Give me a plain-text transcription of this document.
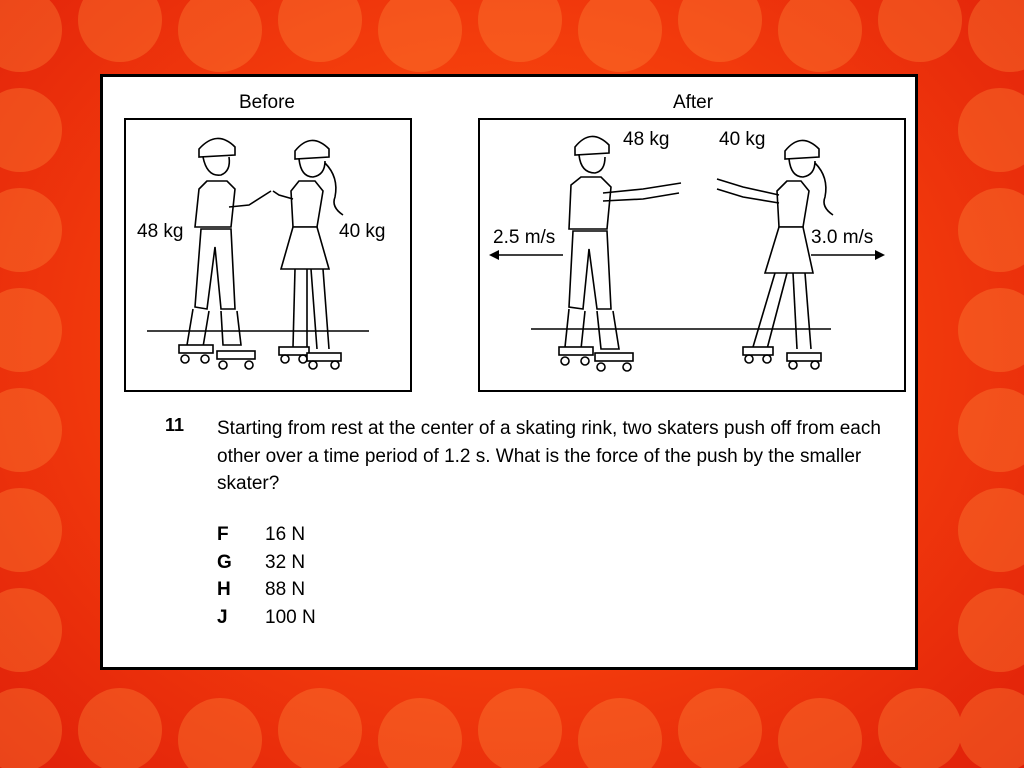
Before	After
48 kg	40 kg
48 kg	40 kg
2.5 m/s	3.0 m/s
11 Starting from rest at the center of a skating rink, two skaters push off from each other over a time period of 1.2 s. What is the force of the push by the smaller skater?
F 16 N
G 32 N
H 88 N
J 100 N
